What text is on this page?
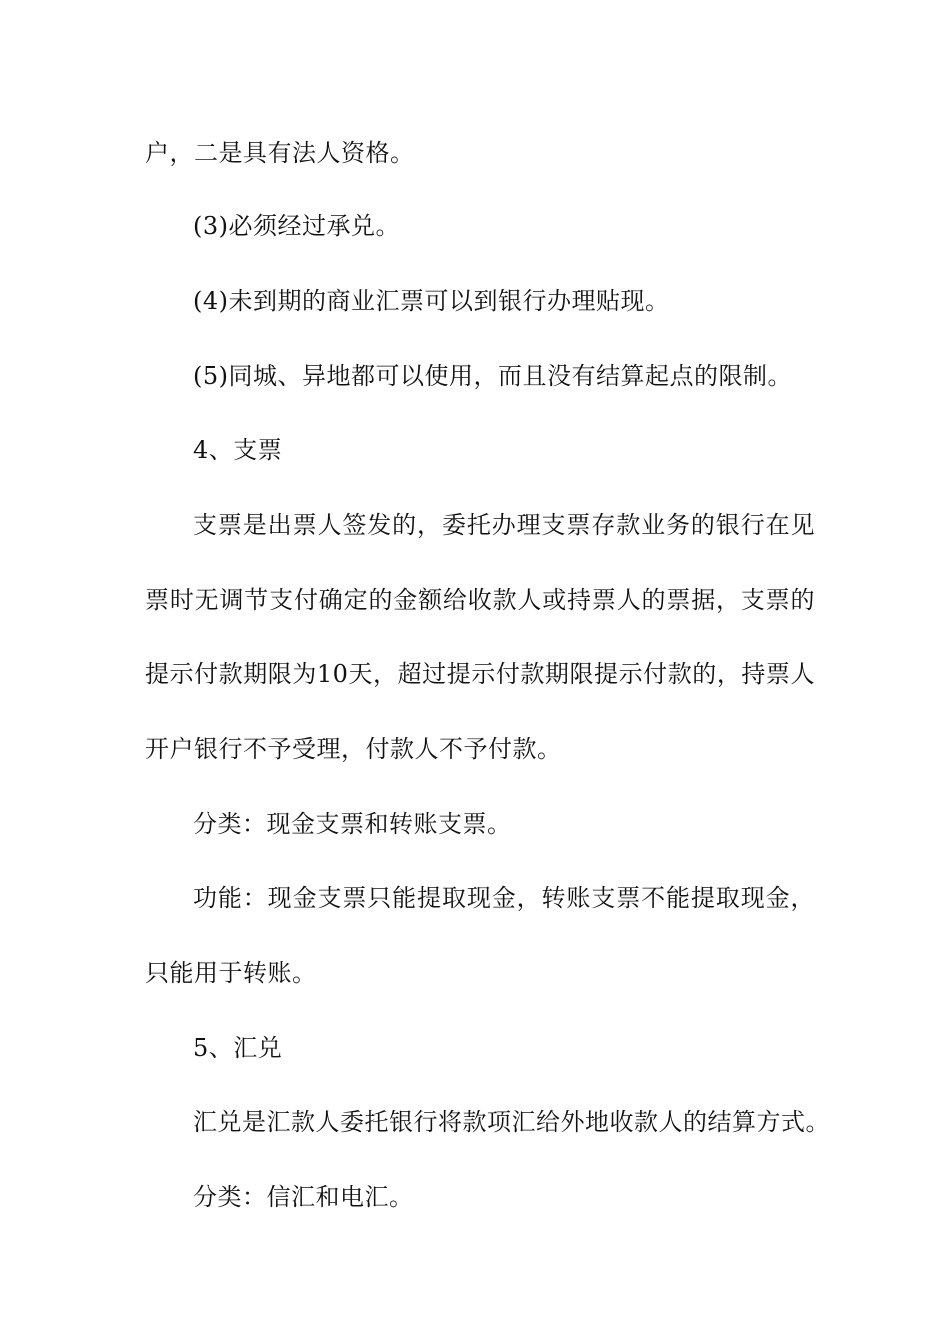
户，二是具有法人资格。
(3)必须经过承兑。
(4)未到期的商业汇票可以到银行办理贴现。
(5)同城、异地都可以使用，而且没有结算起点的限制。
4、支票
支票是出票人签发的，委托办理支票存款业务的银行在见
票时无调节支付确定的金额给收款人或持票人的票据，支票的
提示付款期限为10天，超过提示付款期限提示付款的，持票人
开户银行不予受理，付款人不予付款。
分类：现金支票和转账支票。
功能：现金支票只能提取现金，转账支票不能提取现金，
只能用于转账。
5、汇兑
汇兑是汇款人委托银行将款项汇给外地收款人的结算方式。
分类：信汇和电汇。
